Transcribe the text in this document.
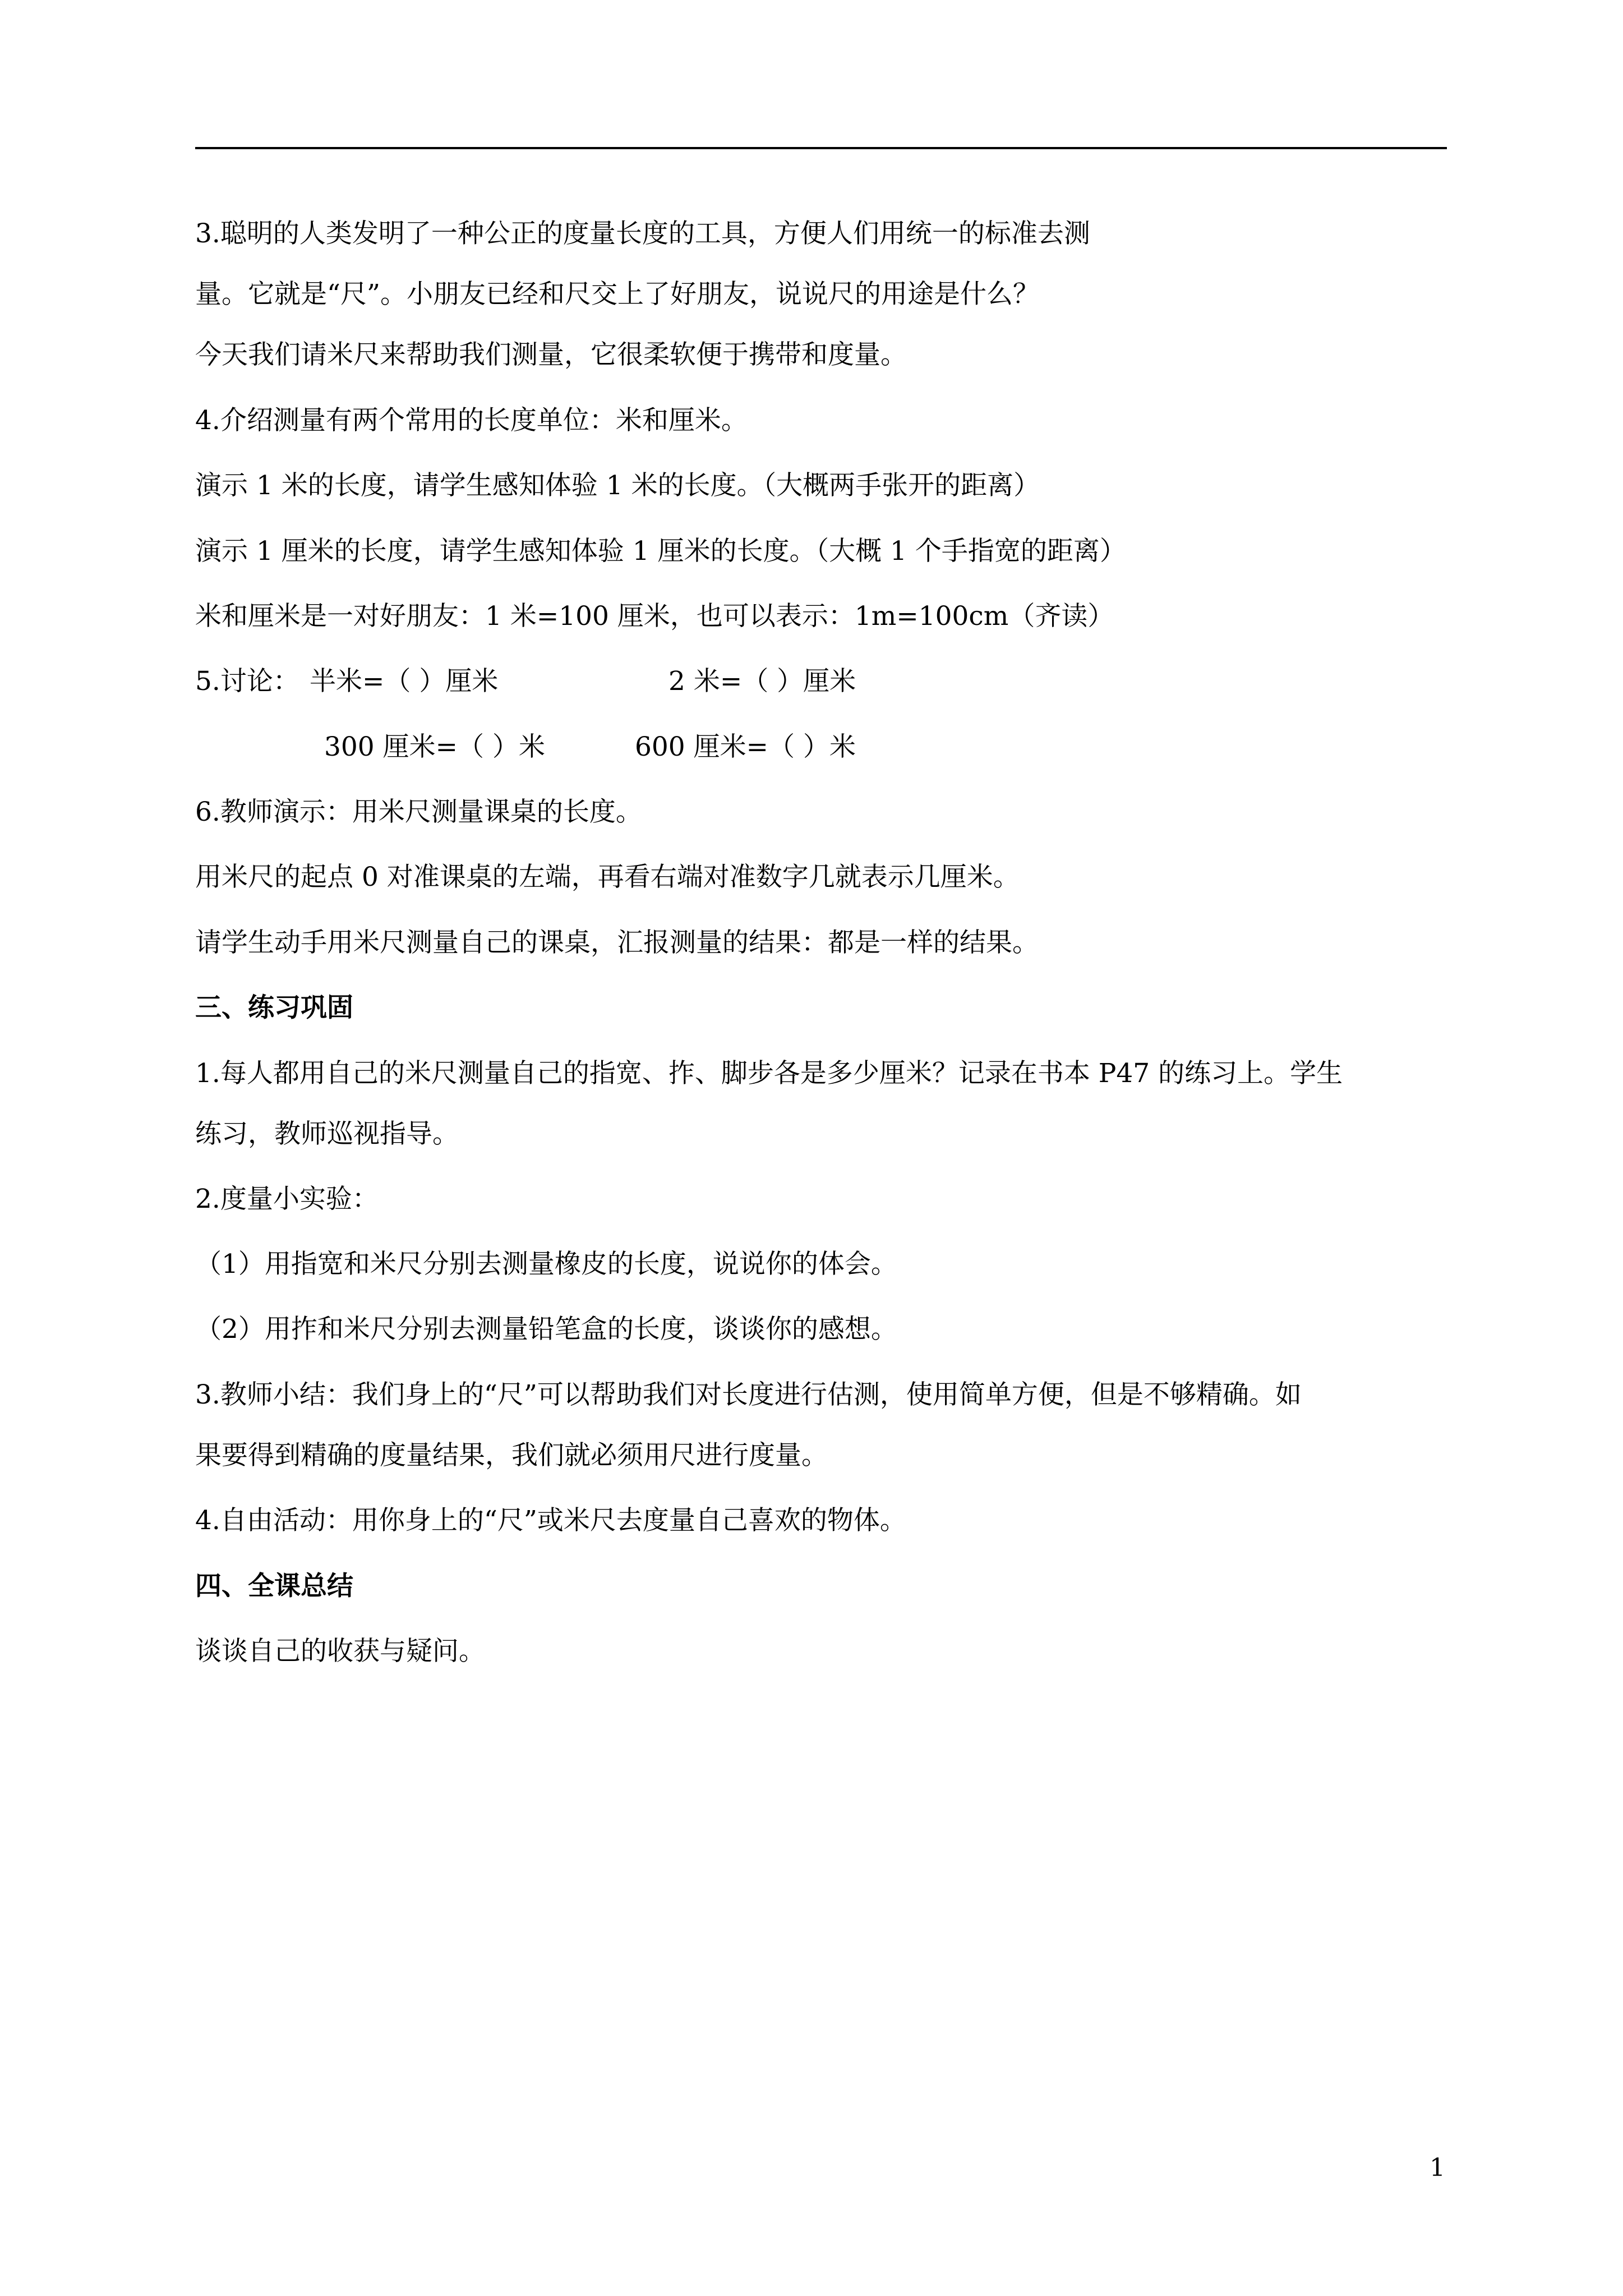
3.聪明的人类发明了一种公正的度量长度的工具，方便人们用统一的标准去测
量。它就是“尺”。小朋友已经和尺交上了好朋友，说说尺的用途是什么？
今天我们请米尺来帮助我们测量，它很柔软便于携带和度量。
4.介绍测量有两个常用的长度单位：米和厘米。
演示 1 米的长度，请学生感知体验 1 米的长度。（大概两手张开的距离）
演示 1 厘米的长度，请学生感知体验 1 厘米的长度。（大概 1 个手指宽的距离）
米和厘米是一对好朋友：1 米=100 厘米，也可以表示：1m=100cm（齐读）
5.讨论： 半米=（ ）厘米	2 米=（ ）厘米
300 厘米=（ ）米	600 厘米=（ ）米
6.教师演示：用米尺测量课桌的长度。
用米尺的起点 0 对准课桌的左端，再看右端对准数字几就表示几厘米。
请学生动手用米尺测量自己的课桌，汇报测量的结果：都是一样的结果。
三、练习巩固
1.每人都用自己的米尺测量自己的指宽、拃、脚步各是多少厘米？记录在书本 P47 的练习上。学生
练习，教师巡视指导。
2.度量小实验：
（1）用指宽和米尺分别去测量橡皮的长度，说说你的体会。
（2）用拃和米尺分别去测量铅笔盒的长度，谈谈你的感想。
3.教师小结：我们身上的“尺”可以帮助我们对长度进行估测，使用简单方便，但是不够精确。如
果要得到精确的度量结果，我们就必须用尺进行度量。
4.自由活动：用你身上的“尺”或米尺去度量自己喜欢的物体。
四、全课总结
谈谈自己的收获与疑问。
1
